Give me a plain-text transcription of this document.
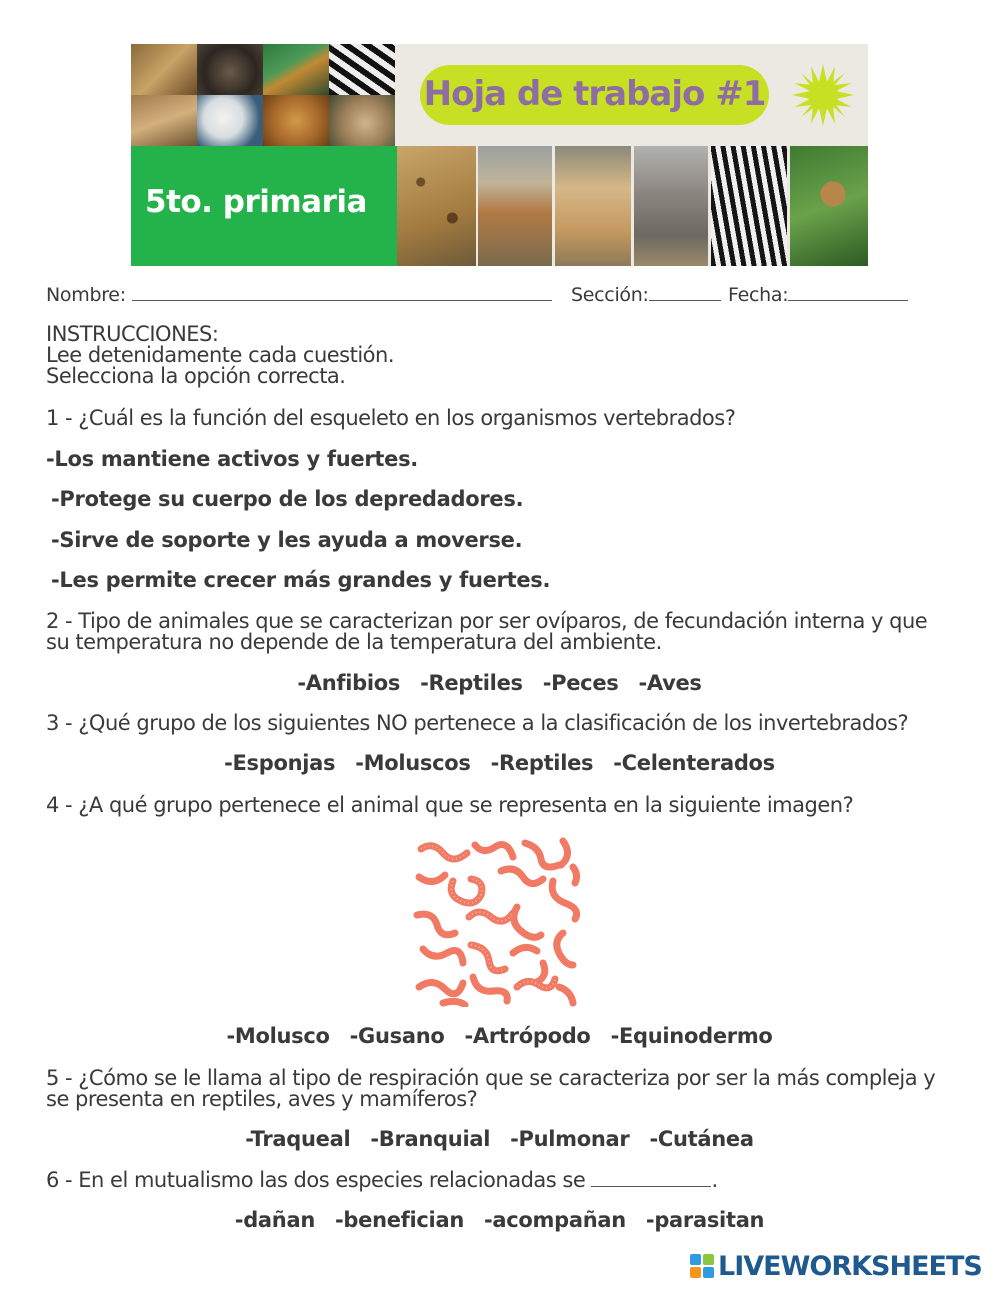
5to. primaria
Hoja de trabajo #1
Nombre:	Sección:	Fecha:
INSTRUCCIONES:
Lee detenidamente cada cuestión.
Selecciona la opción correcta.
1 - ¿Cuál es la función del esqueleto en los organismos vertebrados?
-Los mantiene activos y fuertes.
-Protege su cuerpo de los depredadores.
-Sirve de soporte y les ayuda a moverse.
-Les permite crecer más grandes y fuertes.
2 - Tipo de animales que se caracterizan por ser ovíparos, de fecundación interna y que
su temperatura no depende de la temperatura del ambiente.
-Anfibios -Reptiles -Peces -Aves
3 - ¿Qué grupo de los siguientes NO pertenece a la clasificación de los invertebrados?
-Esponjas -Moluscos -Reptiles -Celenterados
4 - ¿A qué grupo pertenece el animal que se representa en la siguiente imagen?
-Molusco -Gusano -Artrópodo -Equinodermo
5 - ¿Cómo se le llama al tipo de respiración que se caracteriza por ser la más compleja y
se presenta en reptiles, aves y mamíferos?
-Traqueal -Branquial -Pulmonar -Cutánea
6 - En el mutualismo las dos especies relacionadas se	.
-dañan -benefician -acompañan -parasitan
LIVEWORKSHEETS
